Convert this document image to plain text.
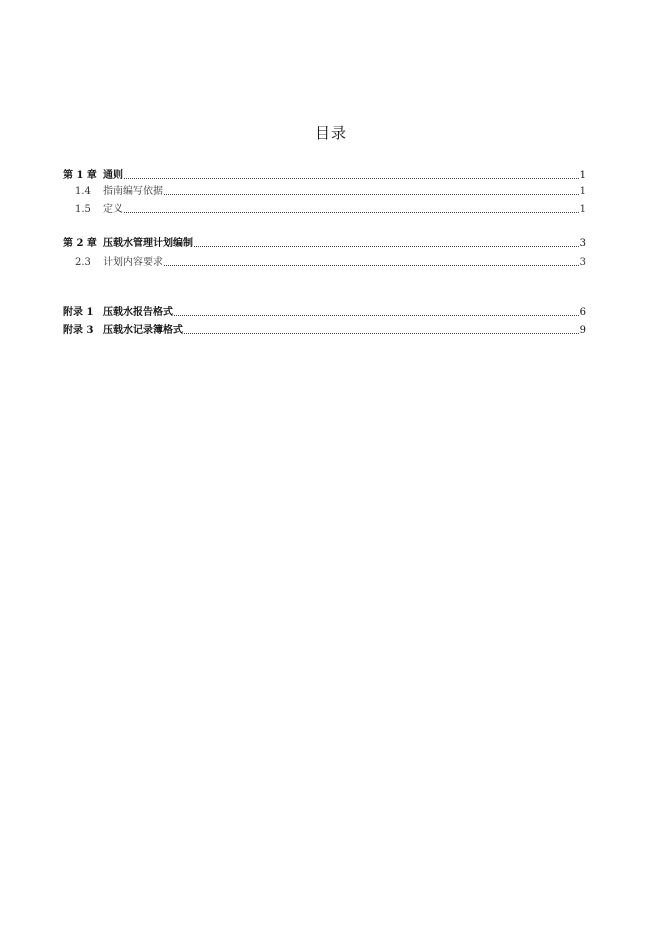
目录
第 1 章 通则	1
1.4 指南编写依据	1
1.5 定义	1
第 2 章 压载水管理计划编制	3
2.3 计划内容要求	3
附录 1 压载水报告格式	6
附录 3 压载水记录簿格式	9
